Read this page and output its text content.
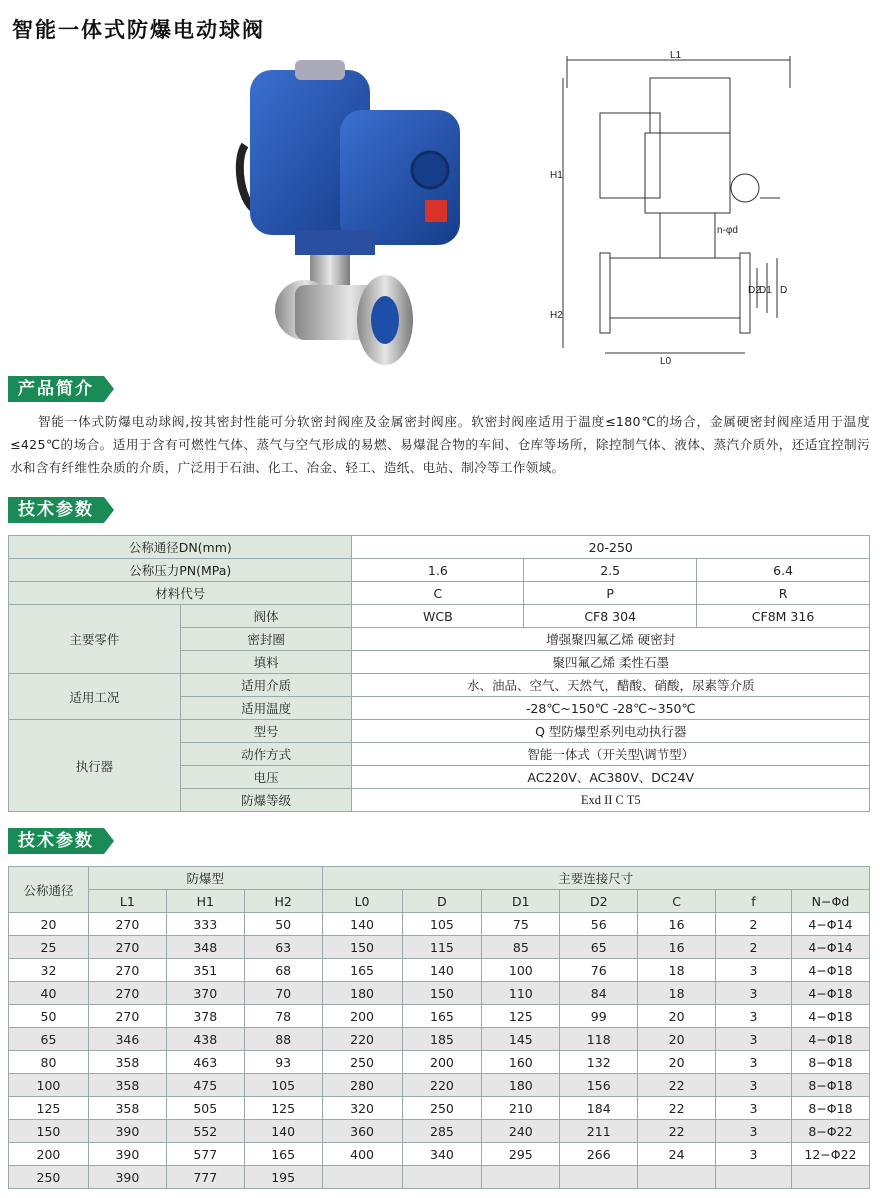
智能一体式防爆电动球阀
L1
H1
H2
L0
n-φd
D2
D1 D
产品简介

智能一体式防爆电动球阀,按其密封性能可分软密封阀座及金属密封阀座。软密封阀座适用于温度≤180℃的场合，金属硬密封阀座适用于温度≤425℃的场合。适用于含有可燃性气体、蒸气与空气形成的易燃、易爆混合物的车间、仓库等场所，除控制气体、液体、蒸汽介质外，还适宜控制污水和含有纤维性杂质的介质，广泛用于石油、化工、冶金、轻工、造纸、电站、制冷等工作领域。

技术参数
公称通径DN(mm)		20-250		
公称压力PN(MPa)		1.6	2.5	6.4
材料代号		C	P	R
主要零件	阀体	WCB	CF8 304	CF8M 316
	密封圈	增强聚四氟乙烯 硬密封		
	填料	聚四氟乙烯 柔性石墨		
适用工况	适用介质	水、油品、空气、天然气，醋酸、硝酸，尿素等介质		
	适用温度	-28℃~150℃ -28℃~350℃		
执行器	型号	Q 型防爆型系列电动执行器		
	动作方式	智能一体式（开关型\调节型）		
	电压	AC220V、AC380V、DC24V		
	防爆等级	Exd II C T5		
技术参数
公称通径	防爆型			主要连接尺寸						
	L1	H1	H2	L0	D	D1	D2	C	f	N−Φd
20	270	333	50	140	105	75	56	16	2	4−Φ14
25	270	348	63	150	115	85	65	16	2	4−Φ14
32	270	351	68	165	140	100	76	18	3	4−Φ18
40	270	370	70	180	150	110	84	18	3	4−Φ18
50	270	378	78	200	165	125	99	20	3	4−Φ18
65	346	438	88	220	185	145	118	20	3	4−Φ18
80	358	463	93	250	200	160	132	20	3	8−Φ18
100	358	475	105	280	220	180	156	22	3	8−Φ18
125	358	505	125	320	250	210	184	22	3	8−Φ18
150	390	552	140	360	285	240	211	22	3	8−Φ22
200	390	577	165	400	340	295	266	24	3	12−Φ22
250	390	777	195							
